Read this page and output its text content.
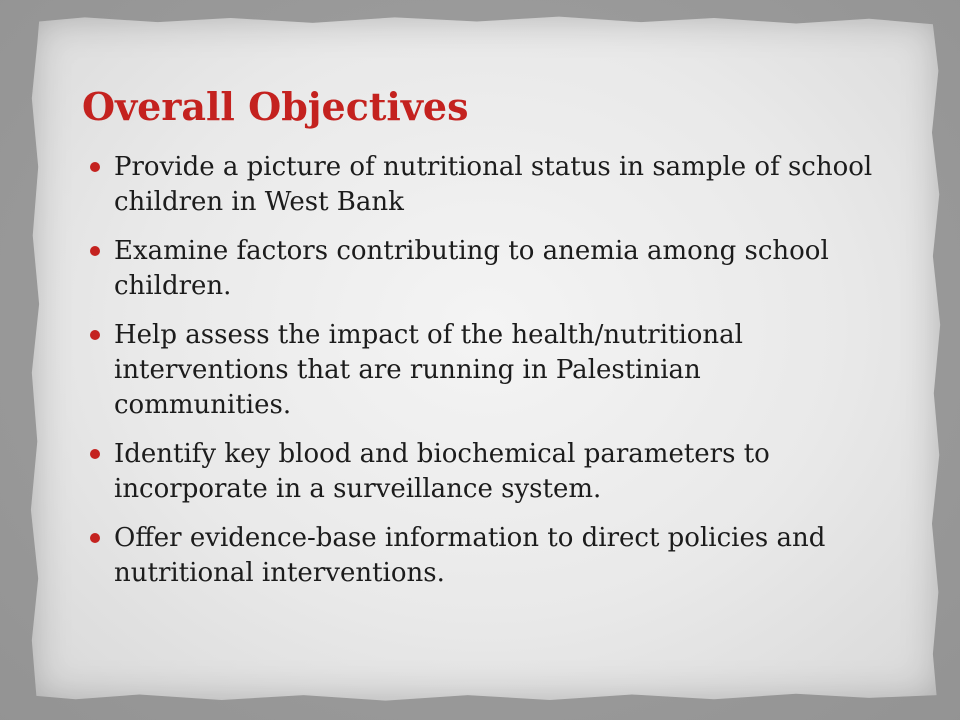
Overall Objectives
Provide a picture of nutritional status in sample of school children in West Bank
Examine factors contributing to anemia among school children.
Help assess the impact of the health/nutritional interventions that are running in Palestinian communities.
Identify key blood and biochemical parameters to incorporate in a surveillance system.
Offer evidence-base information to direct policies and nutritional interventions.
